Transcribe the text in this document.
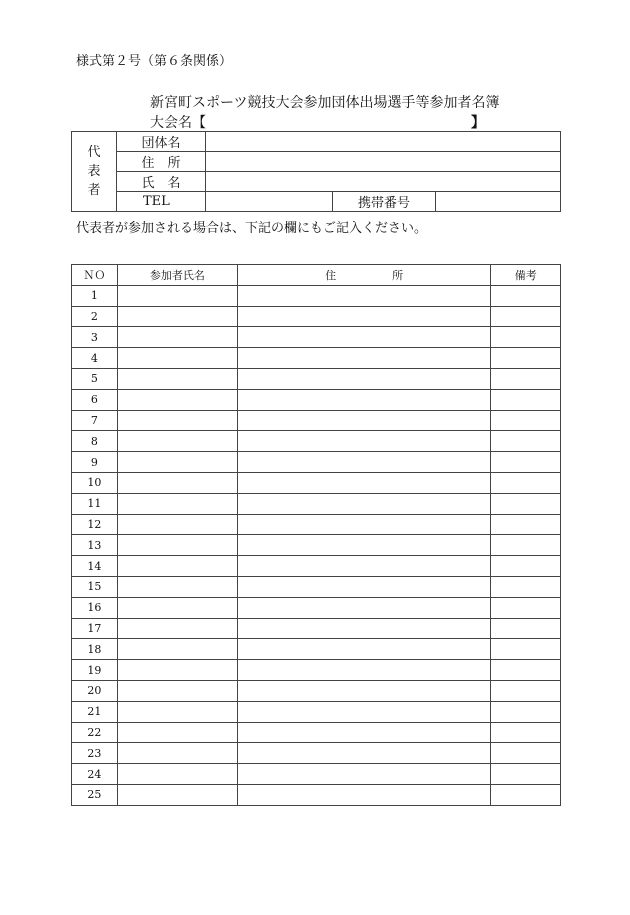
様式第２号（第６条関係）
新宮町スポーツ競技大会参加団体出場選手等参加者名簿
大会名【	】
代
表
者	団体名			
	住　所			
	氏　名			
	TEL		携帯番号	
代表者が参加される場合は、下記の欄にもご記入ください。
ＮＯ	参加者氏名	住 所	備考
1			
2			
3			
4			
5			
6			
7			
8			
9			
10			
11			
12			
13			
14			
15			
16			
17			
18			
19			
20			
21			
22			
23			
24			
25			
